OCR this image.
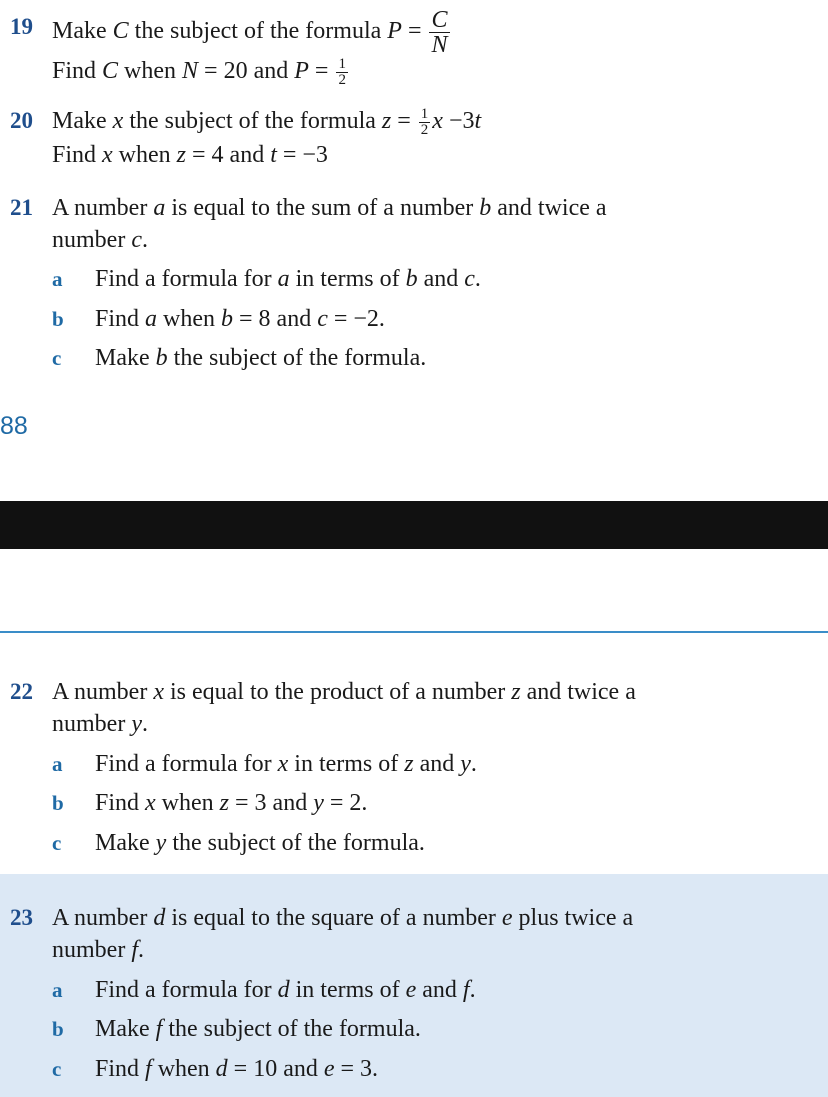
19 Make C the subject of the formula $P = \frac{C}{N}$
Find C when N = 20 and $P = \frac{1}{2}$
20 Make x the subject of the formula $z = \frac{1}{2}$ x −3t
Find x when z = 4 and t = −3
21 A number a is equal to the sum of a number b and twice a
number c.
a Find a formula for a in terms of b and c.
b Find a when b = 8 and c = −2.
c Make b the subject of the formula.
88
22 A number x is equal to the product of a number z and twice a
number y.
a Find a formula for x in terms of z and y.
b Find x when z = 3 and y = 2.
c Make y the subject of the formula.
23 A number d is equal to the square of a number e plus twice a
number f.
a Find a formula for d in terms of e and f.
b Make f the subject of the formula.
c Find f when d = 10 and e = 3.
